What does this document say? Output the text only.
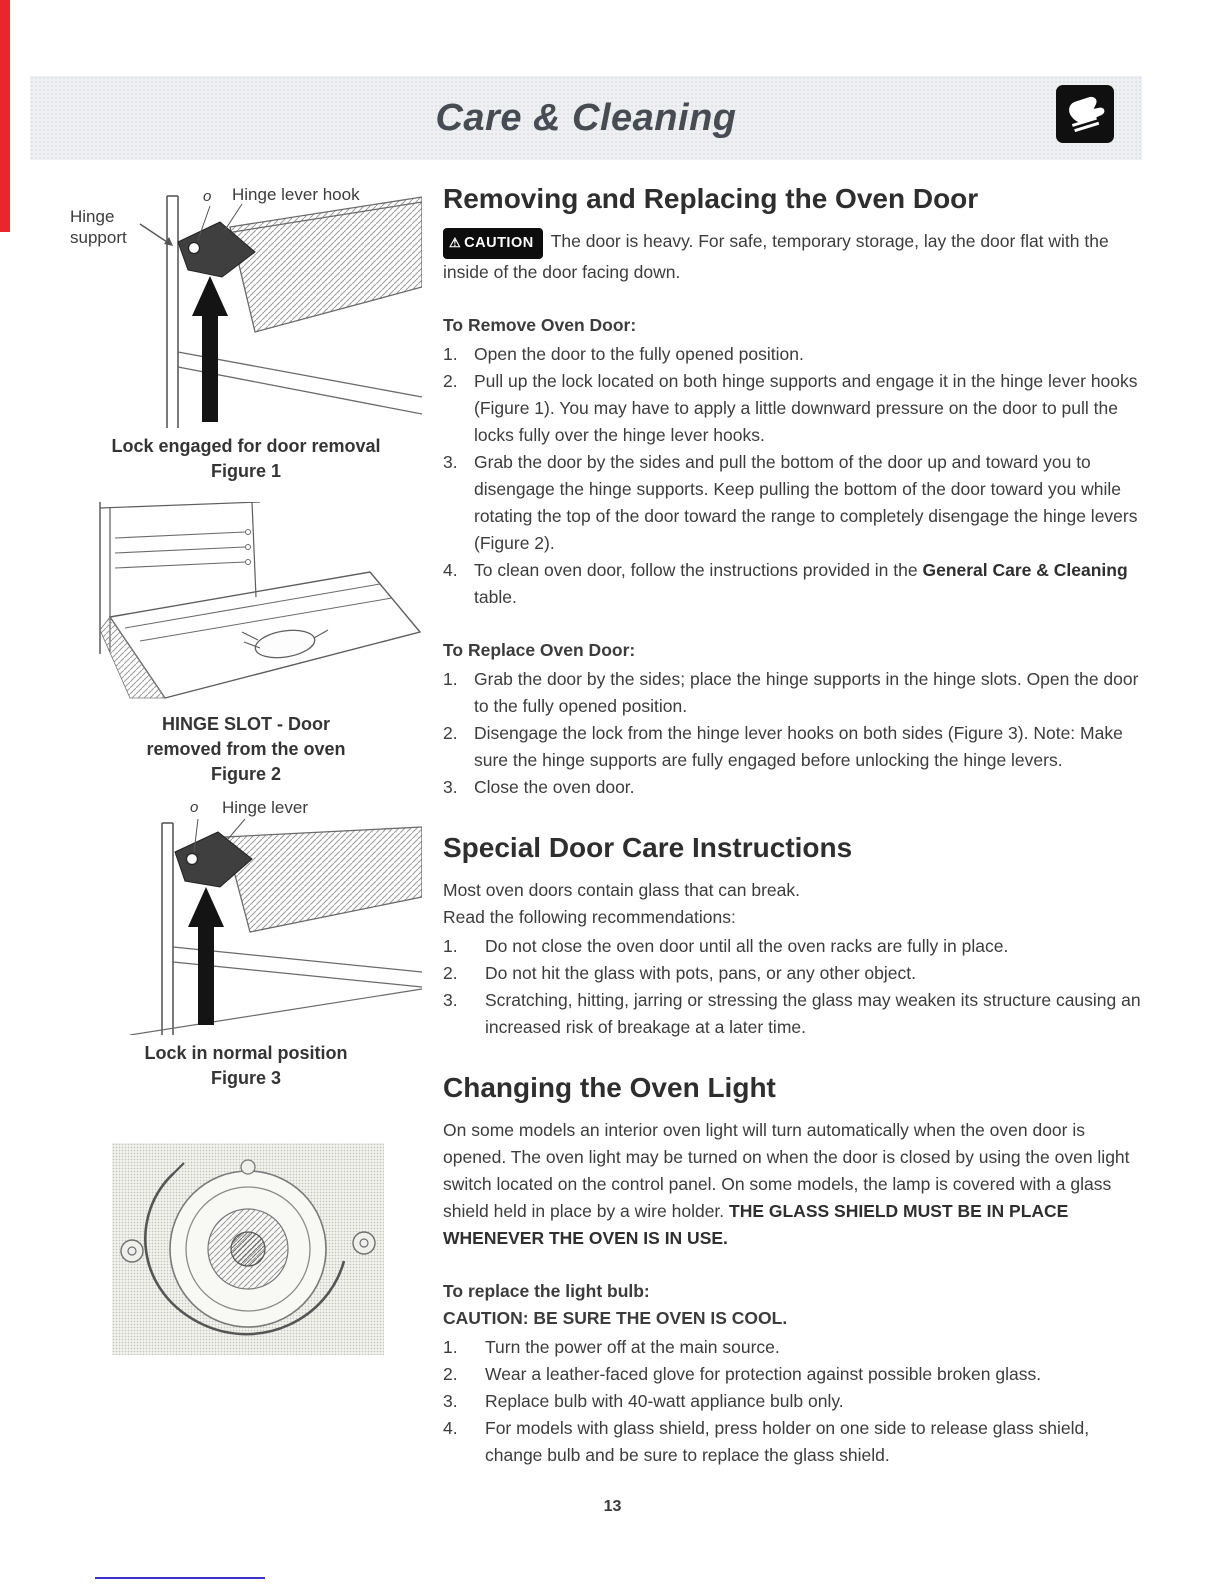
Care & Cleaning
Hinge support
o Hinge lever hook
Lock engaged for door removal
Figure 1
HINGE SLOT - Door
removed from the oven
Figure 2
o Hinge lever
Lock in normal position
Figure 3
Removing and Replacing the Oven Door

⚠ CAUTION The door is heavy. For safe, temporary storage, lay the door flat with the inside of the door facing down.

To Remove Oven Door:

Open the door to the fully opened position.
Pull up the lock located on both hinge supports and engage it in the hinge lever hooks (Figure 1). You may have to apply a little downward pressure on the door to pull the locks fully over the hinge lever hooks.
Grab the door by the sides and pull the bottom of the door up and toward you to disengage the hinge supports. Keep pulling the bottom of the door toward you while rotating the top of the door toward the range to completely disengage the hinge levers (Figure 2).
To clean oven door, follow the instructions provided in the General Care & Cleaning table.

To Replace Oven Door:

Grab the door by the sides; place the hinge supports in the hinge slots. Open the door to the fully opened position.
Disengage the lock from the hinge lever hooks on both sides (Figure 3). Note: Make sure the hinge supports are fully engaged before unlocking the hinge levers.
Close the oven door.
Special Door Care Instructions

Most oven doors contain glass that can break.

Read the following recommendations:

Do not close the oven door until all the oven racks are fully in place.
Do not hit the glass with pots, pans, or any other object.
Scratching, hitting, jarring or stressing the glass may weaken its structure causing an increased risk of breakage at a later time.
Changing the Oven Light

On some models an interior oven light will turn automatically when the oven door is opened. The oven light may be turned on when the door is closed by using the oven light switch located on the control panel. On some models, the lamp is covered with a glass shield held in place by a wire holder. THE GLASS SHIELD MUST BE IN PLACE WHENEVER THE OVEN IS IN USE.

To replace the light bulb:

CAUTION: BE SURE THE OVEN IS COOL.

Turn the power off at the main source.
Wear a leather-faced glove for protection against possible broken glass.
Replace bulb with 40-watt appliance bulb only.
For models with glass shield, press holder on one side to release glass shield, change bulb and be sure to replace the glass shield.
13
